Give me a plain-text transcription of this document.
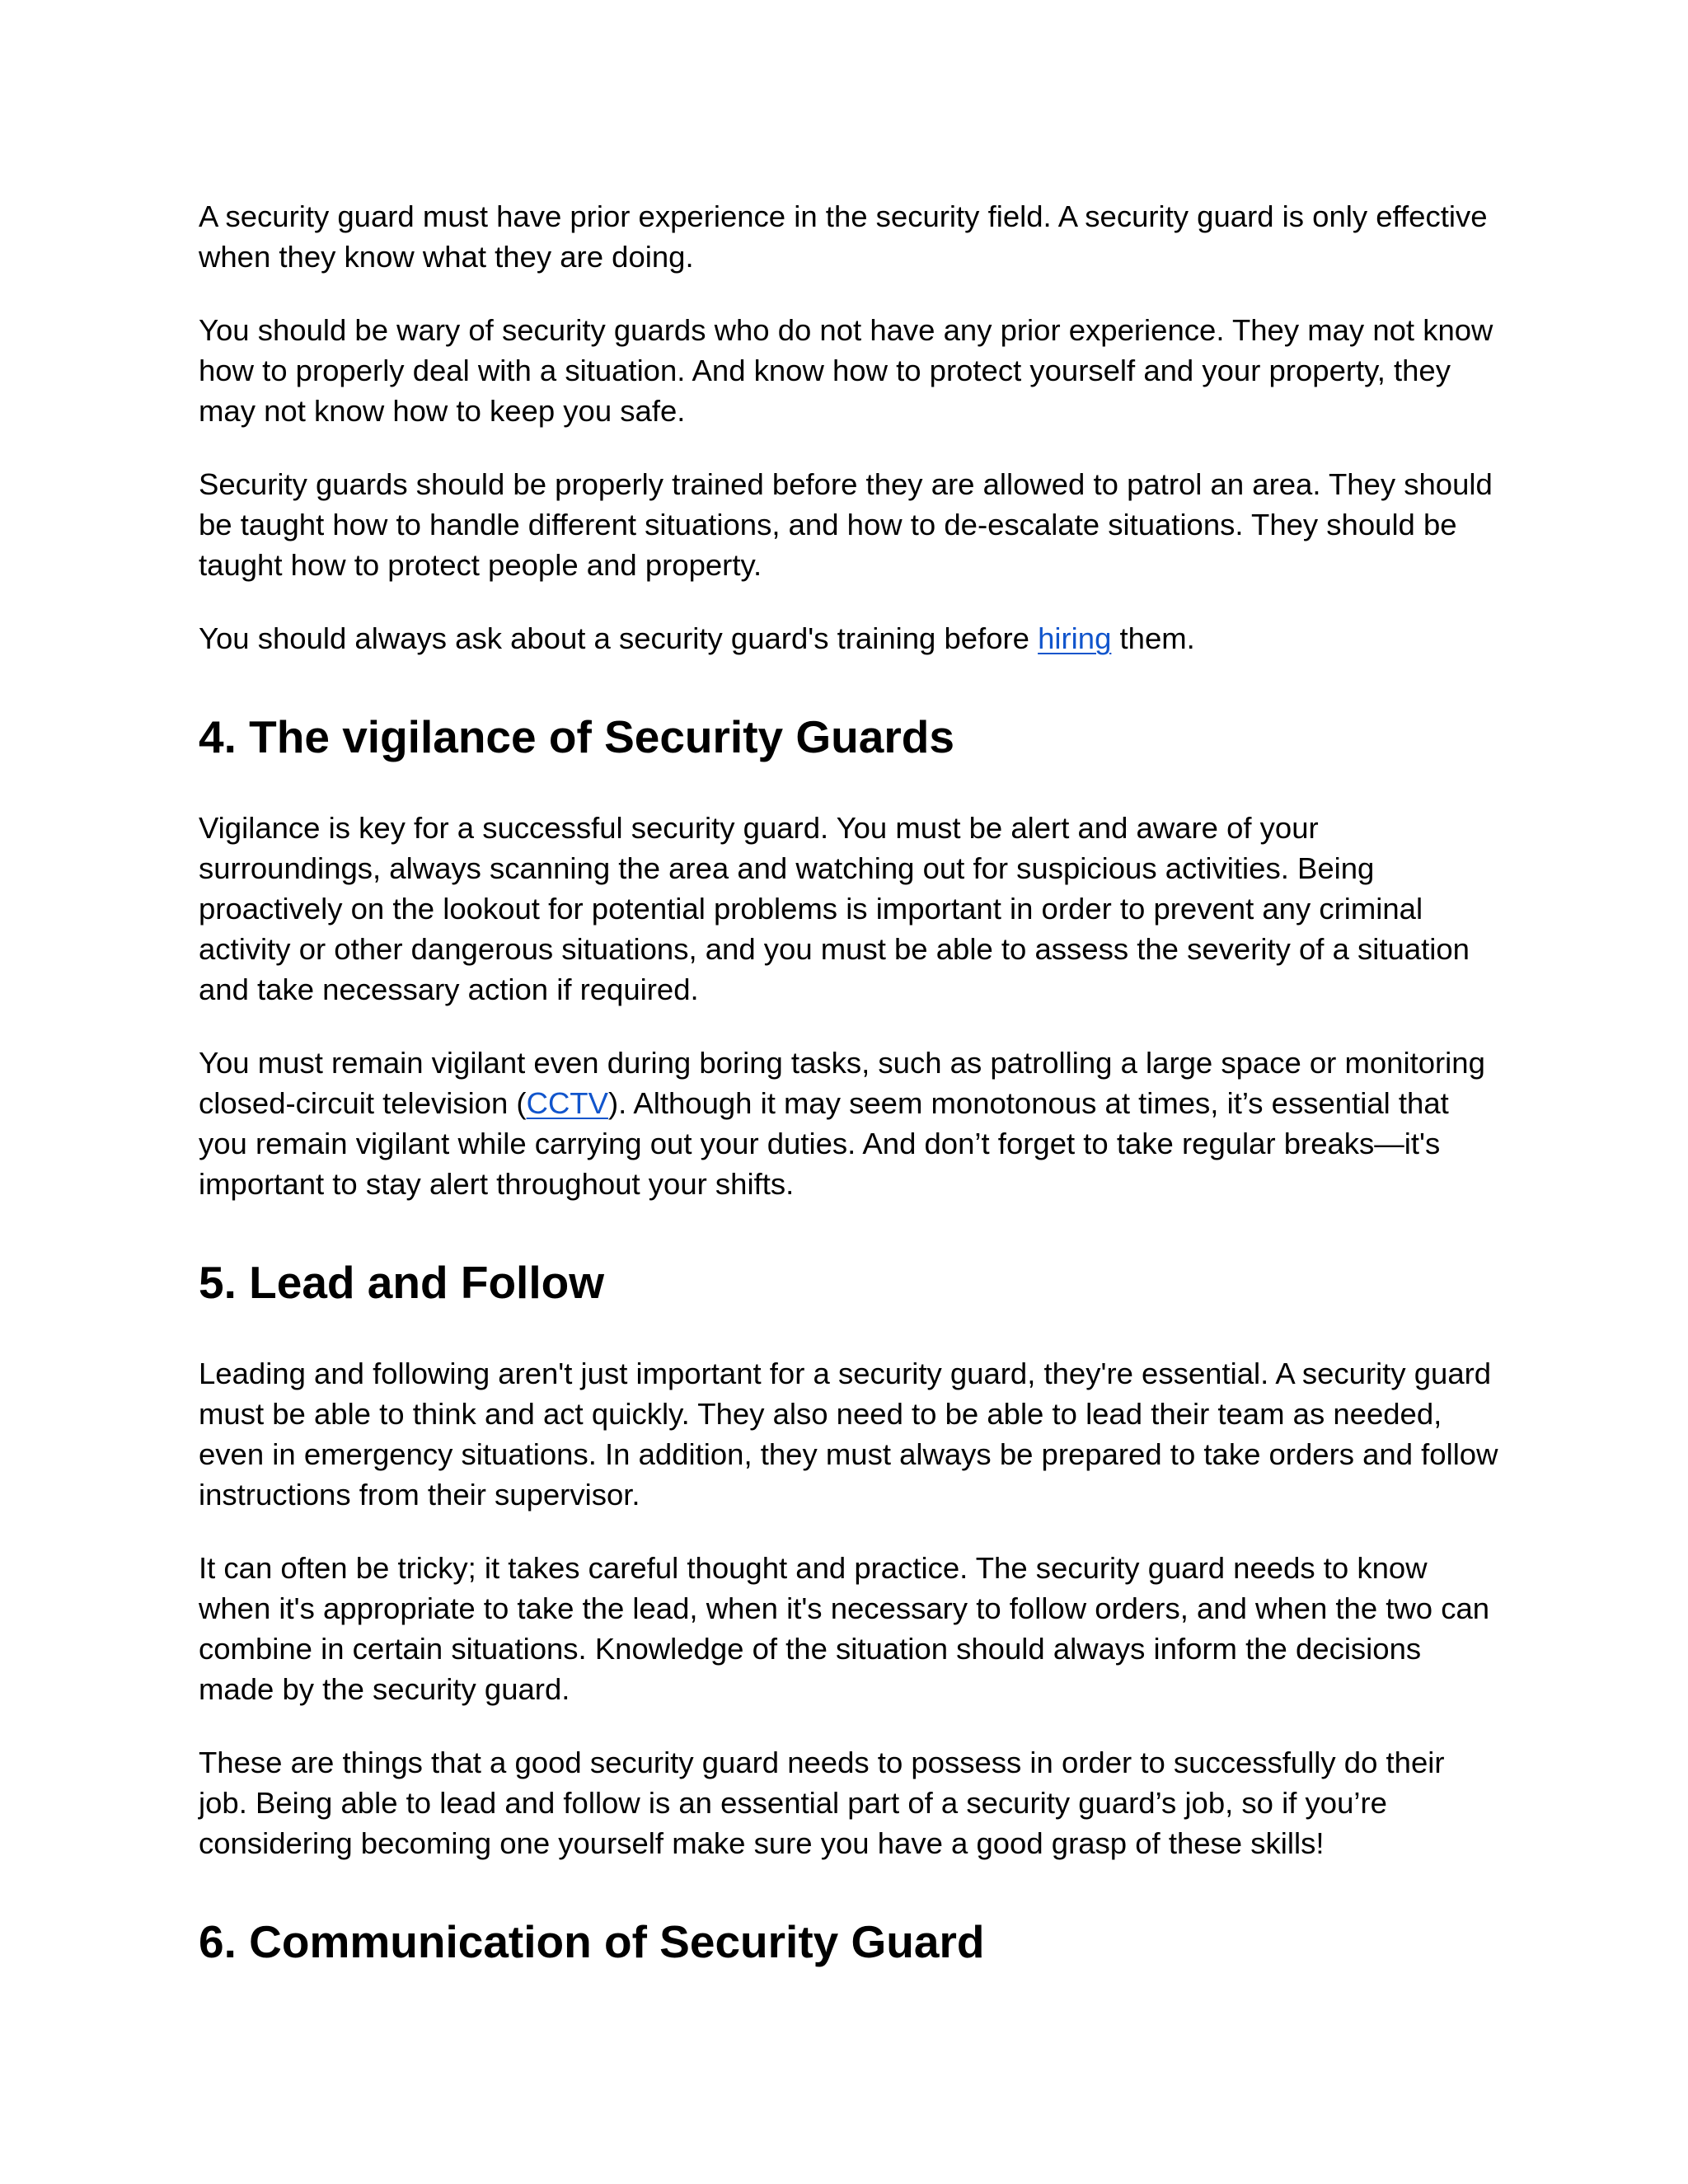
A security guard must have prior experience in the security field. A security guard is only effective when they know what they are doing.

You should be wary of security guards who do not have any prior experience. They may not know how to properly deal with a situation. And know how to protect yourself and your property, they may not know how to keep you safe.

Security guards should be properly trained before they are allowed to patrol an area. They should be taught how to handle different situations, and how to de-escalate situations. They should be taught how to protect people and property.

You should always ask about a security guard's training before hiring them.

4. The vigilance of Security Guards

Vigilance is key for a successful security guard. You must be alert and aware of your surroundings, always scanning the area and watching out for suspicious activities. Being proactively on the lookout for potential problems is important in order to prevent any criminal activity or other dangerous situations, and you must be able to assess the severity of a situation and take necessary action if required.

You must remain vigilant even during boring tasks, such as patrolling a large space or monitoring closed-circuit television (CCTV). Although it may seem monotonous at times, it’s essential that you remain vigilant while carrying out your duties. And don’t forget to take regular breaks—it's important to stay alert throughout your shifts.

5. Lead and Follow

Leading and following aren't just important for a security guard, they're essential. A security guard must be able to think and act quickly. They also need to be able to lead their team as needed, even in emergency situations. In addition, they must always be prepared to take orders and follow instructions from their supervisor.

It can often be tricky; it takes careful thought and practice. The security guard needs to know when it's appropriate to take the lead, when it's necessary to follow orders, and when the two can combine in certain situations. Knowledge of the situation should always inform the decisions made by the security guard.

These are things that a good security guard needs to possess in order to successfully do their job. Being able to lead and follow is an essential part of a security guard’s job, so if you’re considering becoming one yourself make sure you have a good grasp of these skills!

6. Communication of Security Guard
